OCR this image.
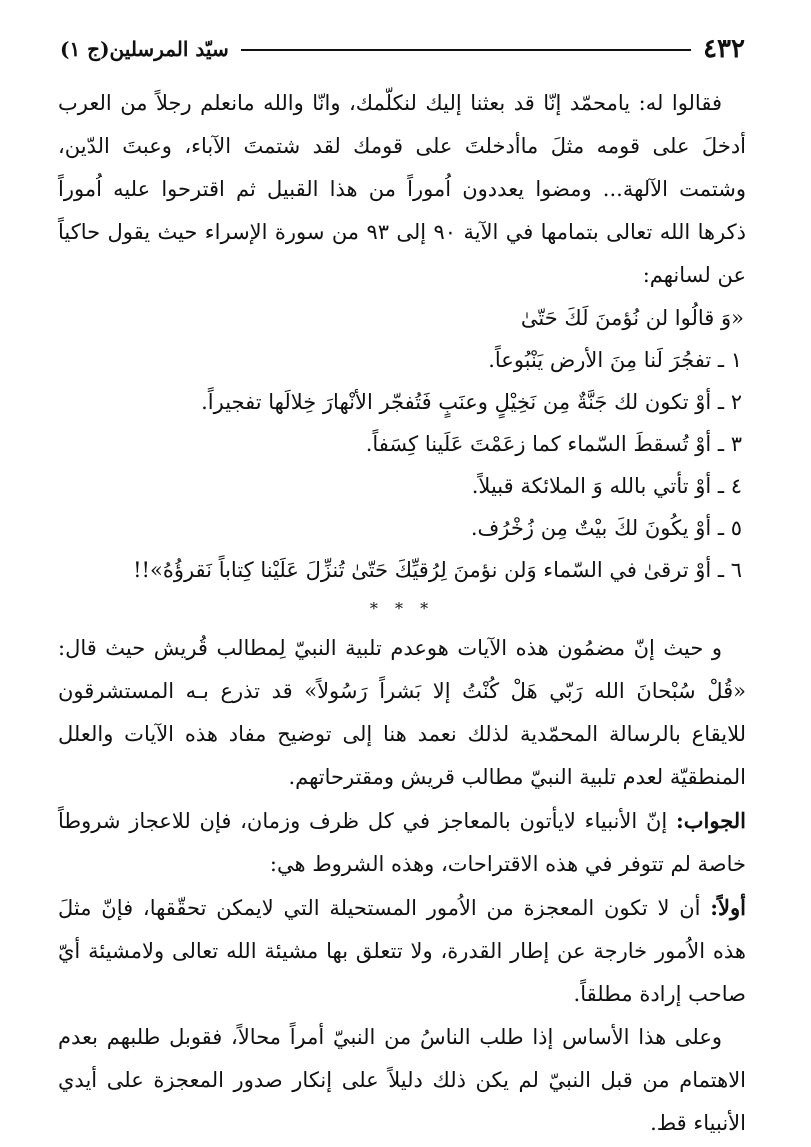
٤٣٢
سيّد المرسلين(ج ١)

فقالوا له: يامحمّد إنّا قد بعثنا إليك لنكلّمك، وانّا والله مانعلم رجلاً من العرب أدخلَ على قومه مثلَ ماأدخلتَ على قومك لقد شتمتَ الآباء، وعبتَ الدّين، وشتمت الآلهة... ومضوا يعددون اُموراً من هذا القبيل ثم اقترحوا عليه اُموراً ذكرها الله تعالى بتمامها في الآية ٩٠ إلى ٩٣ من سورة الإسراء حيث يقول حاكياً عن لسانهم:

«وَ قالُوا لن نُؤمنَ لَكَ حَتّىٰ

١ ـ تفجُرَ لَنا مِنَ الأرض يَنْبُوعاً.

٢ ـ أوْ تكون لك جَنَّةٌ مِن نَخِيْلٍ وعنَبٍ فَتُفجّر الأنْهارَ خِلالَها تفجيراً.

٣ ـ أوْ تُسقطَ السّماء كما زعَمْتَ عَلَينا كِسَفاً.

٤ ـ أوْ تأتي بالله وَ الملائكة قبيلاً.

٥ ـ أوْ يكُونَ لكَ بيْتٌ مِن زُخْرُف.

٦ ـ أوْ ترقىٰ في السّماء وَلن نؤمنَ لِرُقيِّكَ حَتّىٰ تُنزِّلَ عَلَيْنا كِتاباً نَقرؤُهُ»!!

* * *

و حيث إنّ مضمُون هذه الآيات هوعدم تلبية النبيّ لِمطالب قُريش حيث قال: «قُلْ سُبْحانَ الله رَبّي هَلْ كُنْتُ إلا بَشراً رَسُولاً» قد تذرع بـه المستشرقون للايقاع بالرسالة المحمّدية لذلك نعمد هنا إلى توضيح مفاد هذه الآيات والعلل المنطقيّة لعدم تلبية النبيّ مطالب قريش ومقترحاتهم.

الجواب: إنّ الأنبياء لايأتون بالمعاجز في كل ظرف وزمان، فإن للاعجاز شروطاً خاصة لم تتوفر في هذه الاقتراحات، وهذه الشروط هي:

أولاً: أن لا تكون المعجزة من الاُمور المستحيلة التي لايمكن تحقّقها، فإنّ مثلَ هذه الاُمور خارجة عن إطار القدرة، ولا تتعلق بها مشيئة الله تعالى ولامشيئة أيّ صاحب إرادة مطلقاً.

وعلى هذا الأساس إذا طلب الناسُ من النبيّ أمراً محالاً، فقوبل طلبهم بعدم الاهتمام من قبل النبيّ لم يكن ذلك دليلاً على إنكار صدور المعجزة على أيدي الأنبياء قط.
